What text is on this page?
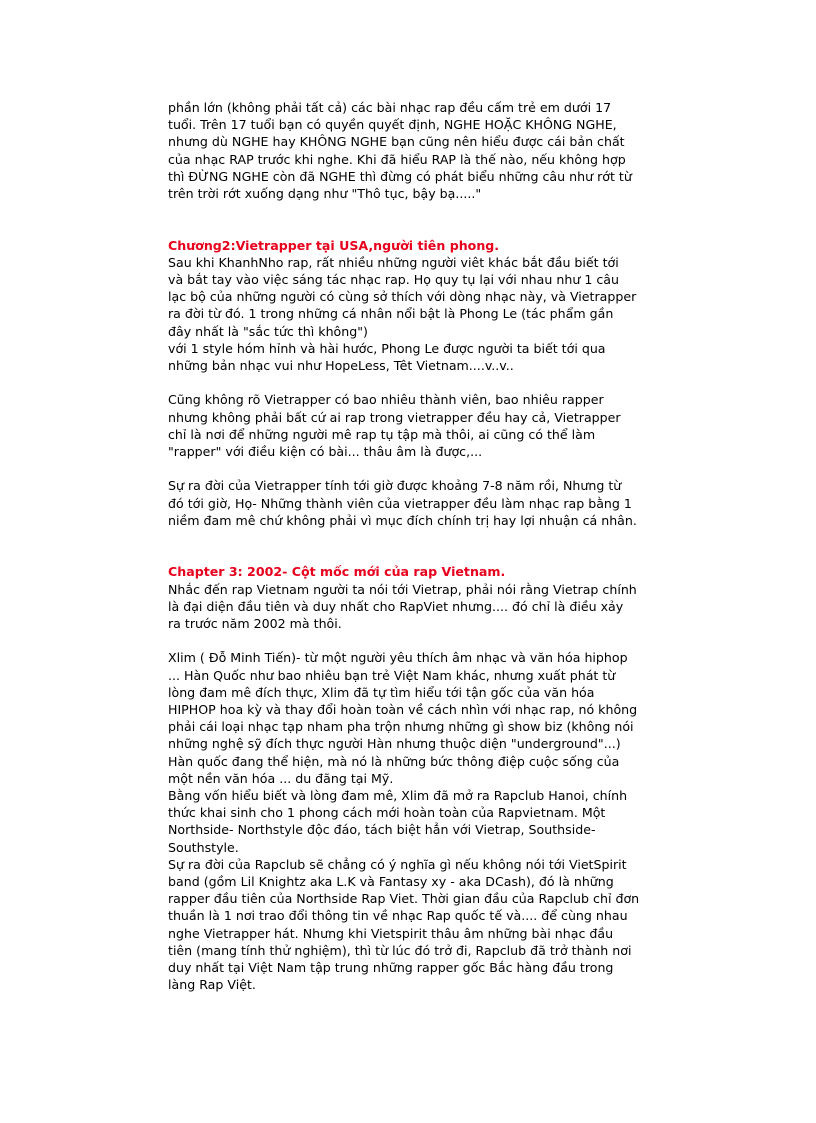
phần lớn (không phải tất cả) các bài nhạc rap đều cấm trẻ em dưới 17
tuổi. Trên 17 tuổi bạn có quyền quyết định, NGHE HOẶC KHÔNG NGHE,
nhưng dù NGHE hay KHÔNG NGHE bạn cũng nên hiểu được cái bản chất
của nhạc RAP trước khi nghe. Khi đã hiểu RAP là thế nào, nếu không hợp
thì ĐỪNG NGHE còn đã NGHE thì đừng có phát biểu những câu như rớt từ
trên trời rớt xuống dạng như "Thô tục, bậy bạ....."
Chương2:Vietrapper tại USA,người tiên phong.
Sau khi KhanhNho rap, rất nhiều những người viêt khác bắt đầu biết tới
và bắt tay vào việc sáng tác nhạc rap. Họ quy tụ lại với nhau như 1 câu
lạc bộ của những người có cùng sở thích với dòng nhạc này, và Vietrapper
ra đời từ đó. 1 trong những cá nhân nổi bật là Phong Le (tác phẩm gần
đây nhất là "sắc tức thì không")
với 1 style hóm hỉnh và hài hước, Phong Le được người ta biết tới qua
những bản nhạc vui như HopeLess, Têt Vietnam....v..v..
Cũng không rõ Vietrapper có bao nhiêu thành viên, bao nhiêu rapper
nhưng không phải bất cứ ai rap trong vietrapper đều hay cả, Vietrapper
chỉ là nơi để những người mê rap tụ tập mà thôi, ai cũng có thể làm
"rapper" với điều kiện có bài... thâu âm là được,...
Sự ra đời của Vietrapper tính tới giờ được khoảng 7-8 năm rồi, Nhưng từ
đó tới giờ, Họ- Những thành viên của vietrapper đều làm nhạc rap bằng 1
niềm đam mê chứ không phải vì mục đích chính trị hay lợi nhuận cá nhân.
Chapter 3: 2002- Cột mốc mới của rap Vietnam.
Nhắc đến rap Vietnam người ta nói tới Vietrap, phải nói rằng Vietrap chính
là đại diện đầu tiên và duy nhất cho RapViet nhưng.... đó chỉ là điều xảy
ra trước năm 2002 mà thôi.
Xlim ( Đỗ Minh Tiến)- từ một người yêu thích âm nhạc và văn hóa hiphop
... Hàn Quốc như bao nhiêu bạn trẻ Việt Nam khác, nhưng xuất phát từ
lòng đam mê đích thực, Xlim đã tự tìm hiểu tới tận gốc của văn hóa
HIPHOP hoa kỳ và thay đổi hoàn toàn về cách nhìn với nhạc rap, nó không
phải cái loại nhạc tạp nham pha trộn nhưng những gì show biz (không nói
những nghệ sỹ đích thực người Hàn nhưng thuộc diện "underground"...)
Hàn quốc đang thể hiện, mà nó là những bức thông điệp cuộc sống của
một nền văn hóa ... du đãng tại Mỹ.
Bằng vốn hiểu biết và lòng đam mê, Xlim đã mở ra Rapclub Hanoi, chính
thức khai sinh cho 1 phong cách mới hoàn toàn của Rapvietnam. Một
Northside- Northstyle độc đáo, tách biệt hẳn với Vietrap, Southside-
Southstyle.
Sự ra đời của Rapclub sẽ chẳng có ý nghĩa gì nếu không nói tới VietSpirit
band (gồm Lil Knightz aka L.K và Fantasy xy - aka DCash), đó là những
rapper đầu tiên của Northside Rap Viet. Thời gian đầu của Rapclub chỉ đơn
thuần là 1 nơi trao đổi thông tin về nhạc Rap quốc tế và.... để cùng nhau
nghe Vietrapper hát. Nhưng khi Vietspirit thâu âm những bài nhạc đầu
tiên (mang tính thử nghiệm), thì từ lúc đó trở đi, Rapclub đã trở thành nơi
duy nhất tại Việt Nam tập trung những rapper gốc Bắc hàng đầu trong
làng Rap Việt.
